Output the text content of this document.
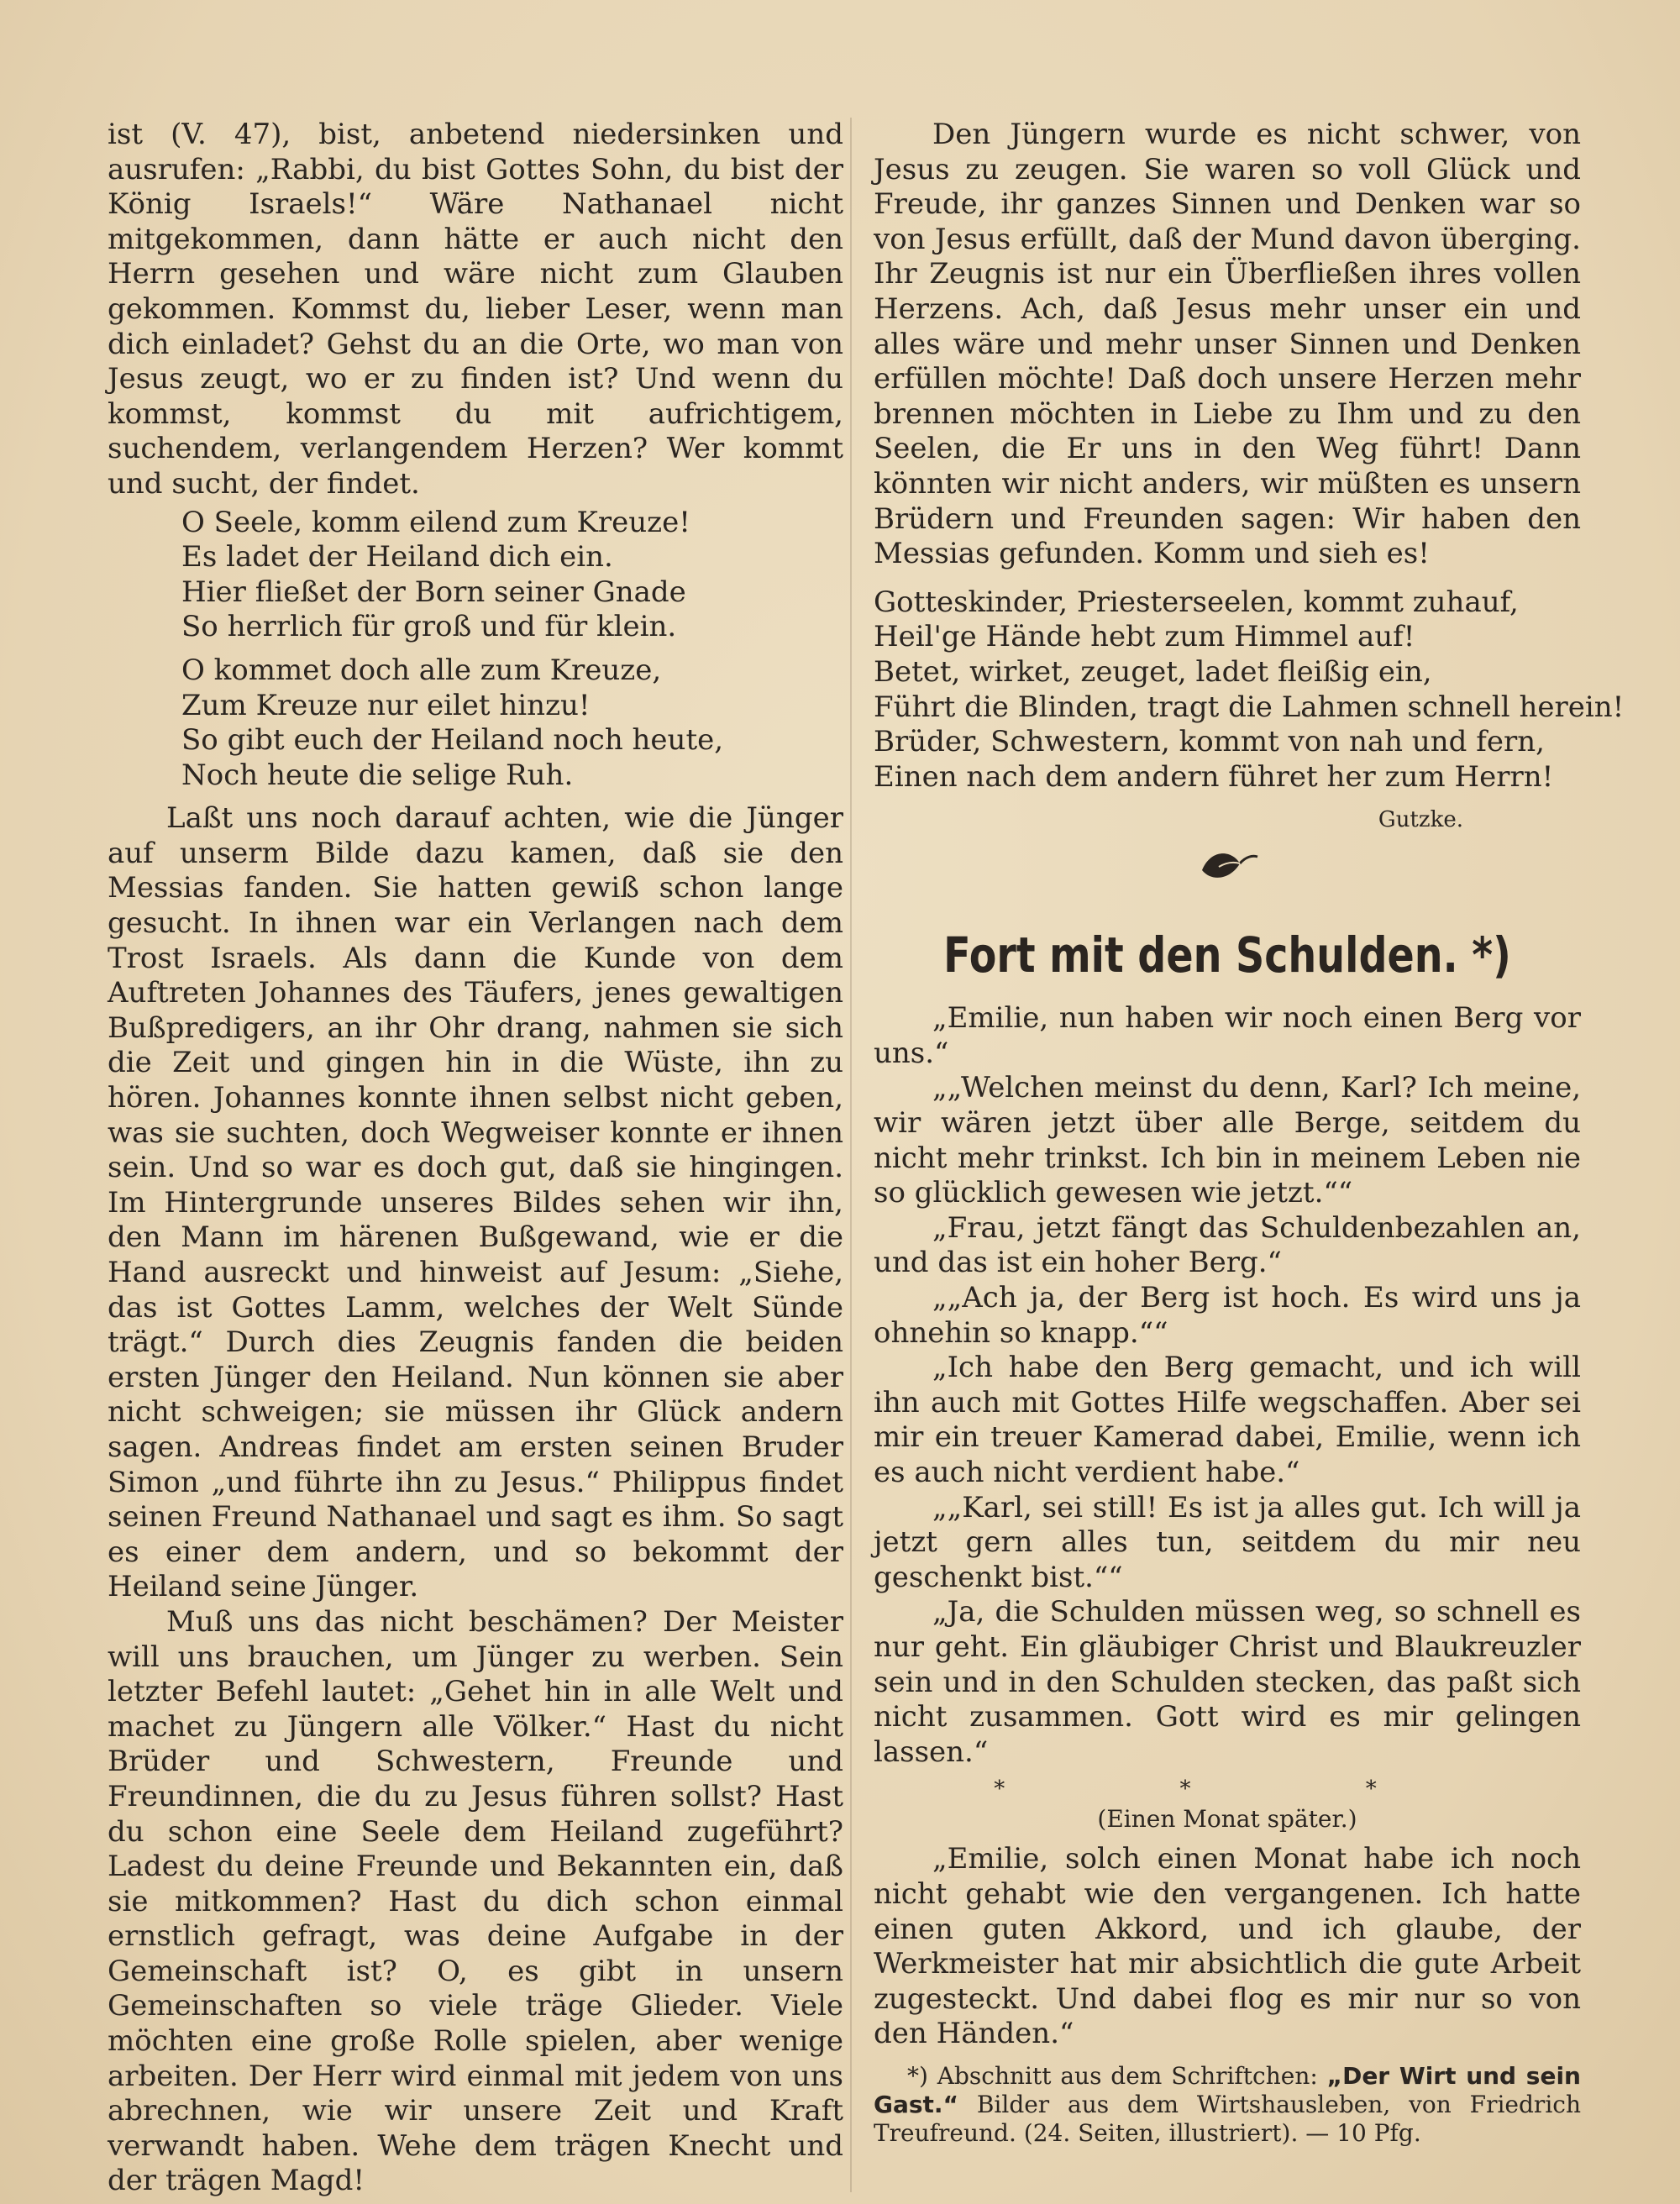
ist (V. 47), bist, anbetend niedersinken und ausrufen: „Rabbi, du bist Gottes Sohn, du bist der König Israels!“ Wäre Nathanael nicht mitgekommen, dann hätte er auch nicht den Herrn gesehen und wäre nicht zum Glauben gekommen. Kommst du, lieber Leser, wenn man dich einladet? Gehst du an die Orte, wo man von Jesus zeugt, wo er zu finden ist? Und wenn du kommst, kommst du mit aufrichtigem, suchendem, verlangendem Herzen? Wer kommt und sucht, der findet.

O Seele, komm eilend zum Kreuze!
Es ladet der Heiland dich ein.
Hier fließet der Born seiner Gnade
So herrlich für groß und für klein.
O kommet doch alle zum Kreuze,
Zum Kreuze nur eilet hinzu!
So gibt euch der Heiland noch heute,
Noch heute die selige Ruh.

Laßt uns noch darauf achten, wie die Jünger auf unserm Bilde dazu kamen, daß sie den Messias fanden. Sie hatten gewiß schon lange gesucht. In ihnen war ein Verlangen nach dem Trost Israels. Als dann die Kunde von dem Auftreten Johannes des Täufers, jenes gewaltigen Bußpredigers, an ihr Ohr drang, nahmen sie sich die Zeit und gingen hin in die Wüste, ihn zu hören. Johannes konnte ihnen selbst nicht geben, was sie suchten, doch Wegweiser konnte er ihnen sein. Und so war es doch gut, daß sie hingingen. Im Hintergrunde unseres Bildes sehen wir ihn, den Mann im härenen Bußgewand, wie er die Hand ausreckt und hinweist auf Jesum: „Siehe, das ist Gottes Lamm, welches der Welt Sünde trägt.“ Durch dies Zeugnis fanden die beiden ersten Jünger den Heiland. Nun können sie aber nicht schweigen; sie müssen ihr Glück andern sagen. Andreas findet am ersten seinen Bruder Simon „und führte ihn zu Jesus.“ Philippus findet seinen Freund Nathanael und sagt es ihm. So sagt es einer dem andern, und so bekommt der Heiland seine Jünger.

Muß uns das nicht beschämen? Der Meister will uns brauchen, um Jünger zu werben. Sein letzter Befehl lautet: „Gehet hin in alle Welt und machet zu Jüngern alle Völker.“ Hast du nicht Brüder und Schwestern, Freunde und Freundinnen, die du zu Jesus führen sollst? Hast du schon eine Seele dem Heiland zugeführt? Ladest du deine Freunde und Bekannten ein, daß sie mitkommen? Hast du dich schon einmal ernstlich gefragt, was deine Aufgabe in der Gemeinschaft ist? O, es gibt in unsern Gemeinschaften so viele träge Glieder. Viele möchten eine große Rolle spielen, aber wenige arbeiten. Der Herr wird einmal mit jedem von uns abrechnen, wie wir unsere Zeit und Kraft verwandt haben. Wehe dem trägen Knecht und der trägen Magd!

Den Jüngern wurde es nicht schwer, von Jesus zu zeugen. Sie waren so voll Glück und Freude, ihr ganzes Sinnen und Denken war so von Jesus erfüllt, daß der Mund davon überging. Ihr Zeugnis ist nur ein Überfließen ihres vollen Herzens. Ach, daß Jesus mehr unser ein und alles wäre und mehr unser Sinnen und Denken erfüllen möchte! Daß doch unsere Herzen mehr brennen möchten in Liebe zu Ihm und zu den Seelen, die Er uns in den Weg führt! Dann könnten wir nicht anders, wir müßten es unsern Brüdern und Freunden sagen: Wir haben den Messias gefunden. Komm und sieh es!

Gotteskinder, Priesterseelen, kommt zuhauf,
Heil'ge Hände hebt zum Himmel auf!
Betet, wirket, zeuget, ladet fleißig ein,
Führt die Blinden, tragt die Lahmen schnell herein!
Brüder, Schwestern, kommt von nah und fern,
Einen nach dem andern führet her zum Herrn!
Gutzke.
Fort mit den Schulden. *)

„Emilie, nun haben wir noch einen Berg vor uns.“

„„Welchen meinst du denn, Karl? Ich meine, wir wären jetzt über alle Berge, seitdem du nicht mehr trinkst. Ich bin in meinem Leben nie so glücklich gewesen wie jetzt.““

„Frau, jetzt fängt das Schuldenbezahlen an, und das ist ein hoher Berg.“

„„Ach ja, der Berg ist hoch. Es wird uns ja ohnehin so knapp.““

„Ich habe den Berg gemacht, und ich will ihn auch mit Gottes Hilfe wegschaffen. Aber sei mir ein treuer Kamerad dabei, Emilie, wenn ich es auch nicht verdient habe.“

„„Karl, sei still! Es ist ja alles gut. Ich will ja jetzt gern alles tun, seitdem du mir neu geschenkt bist.““

„Ja, die Schulden müssen weg, so schnell es nur geht. Ein gläubiger Christ und Blaukreuzler sein und in den Schulden stecken, das paßt sich nicht zusammen. Gott wird es mir gelingen lassen.“

* * *
(Einen Monat später.)

„Emilie, solch einen Monat habe ich noch nicht gehabt wie den vergangenen. Ich hatte einen guten Akkord, und ich glaube, der Werkmeister hat mir absichtlich die gute Arbeit zugesteckt. Und dabei flog es mir nur so von den Händen.“

*) Abschnitt aus dem Schriftchen: „Der Wirt und sein Gast.“ Bilder aus dem Wirtshausleben, von Friedrich Treufreund. (24. Seiten, illustriert). — 10 Pfg.
